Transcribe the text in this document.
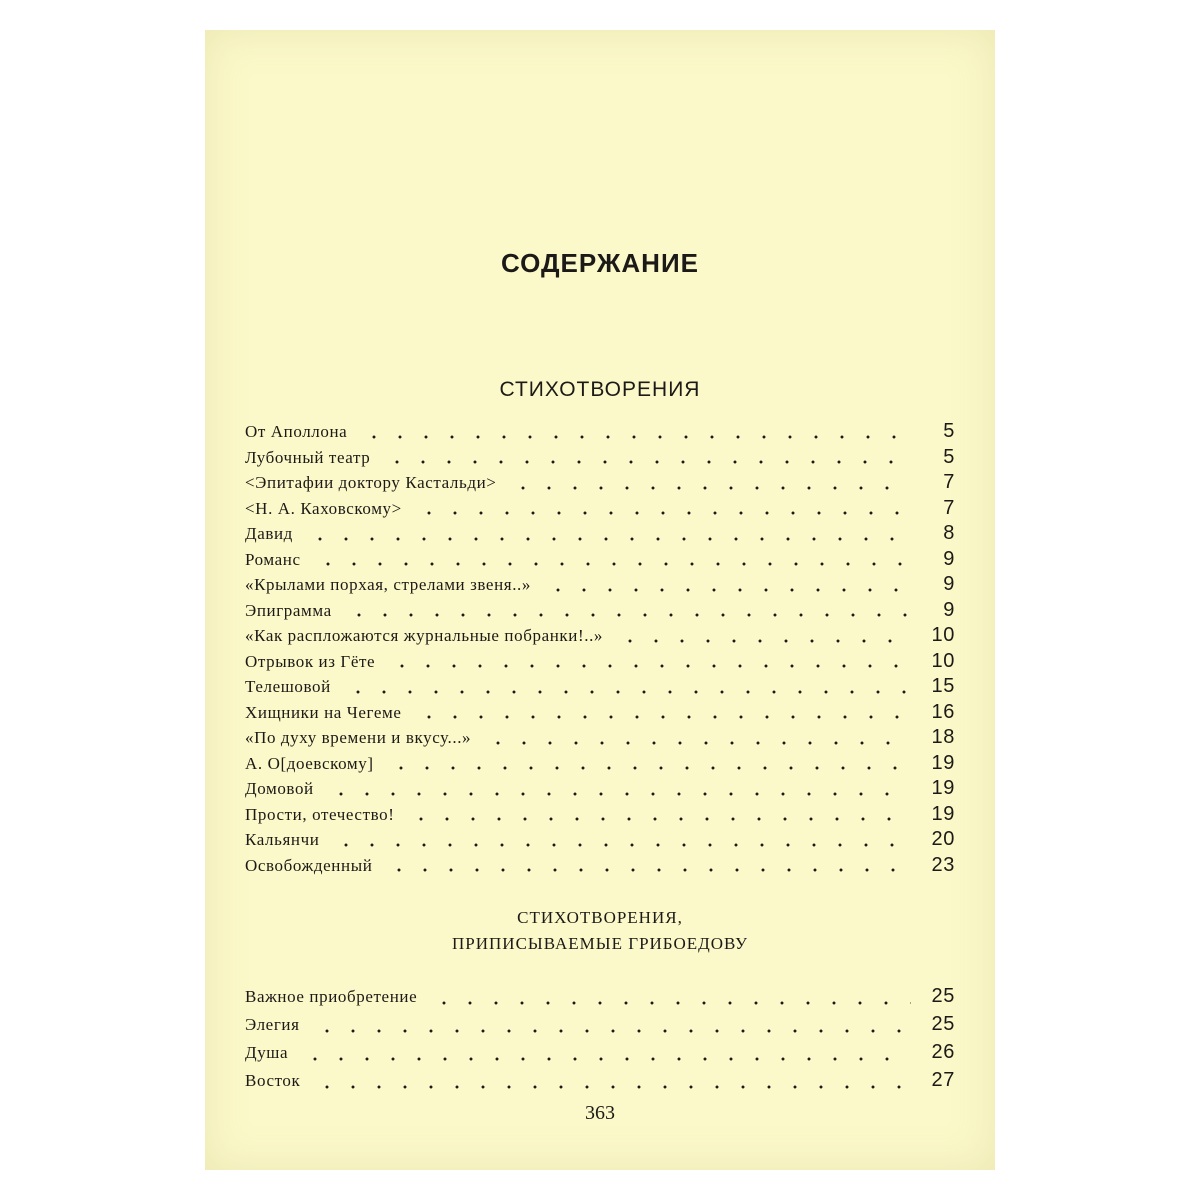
СОДЕРЖАНИЕ
СТИХОТВОРЕНИЯ
От Аполлона	5
Лубочный театр	5
<Эпитафии доктору Кастальди>	7
<Н. А. Каховскому>	7
Давид	8
Романс	9
«Крылами порхая, стрелами звеня..»	9
Эпиграмма	9
«Как распложаются журнальные побранки!..»	10
Отрывок из Гёте	10
Телешовой	15
Хищники на Чегеме	16
«По духу времени и вкусу...»	18
А. О[доевскому]	19
Домовой	19
Прости, отечество!	19
Кальянчи	20
Освобожденный	23
СТИХОТВОРЕНИЯ,
ПРИПИСЫВАЕМЫЕ ГРИБОЕДОВУ
Важное приобретение	25
Элегия	25
Душа	26
Восток	27
363
